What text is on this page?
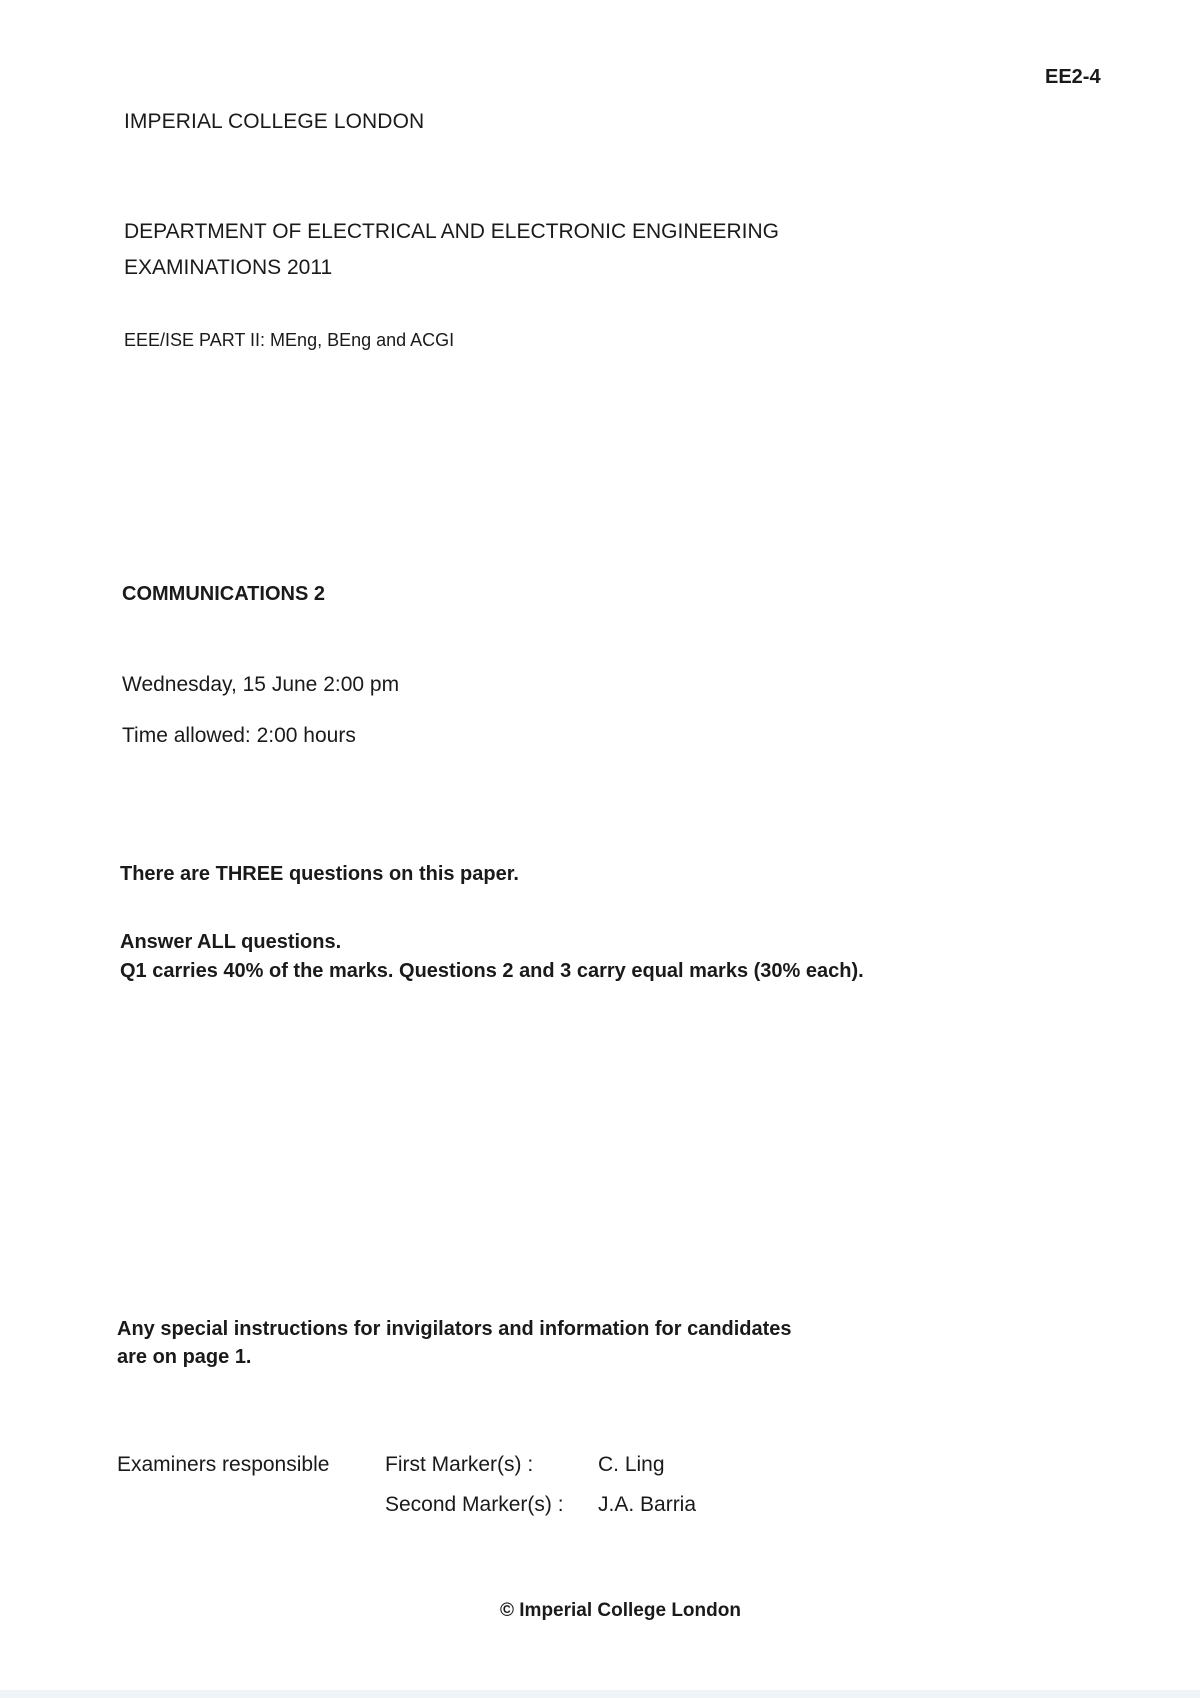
EE2-4
IMPERIAL COLLEGE LONDON
DEPARTMENT OF ELECTRICAL AND ELECTRONIC ENGINEERING
EXAMINATIONS 2011
EEE/ISE PART II: MEng, BEng and ACGI
COMMUNICATIONS 2
Wednesday, 15 June 2:00 pm
Time allowed: 2:00 hours
There are THREE questions on this paper.
Answer ALL questions.
Q1 carries 40% of the marks. Questions 2 and 3 carry equal marks (30% each).
Any special instructions for invigilators and information for candidates are on page 1.
Examiners responsible	First Marker(s) :	C. Ling
Second Marker(s) : J.A. Barria
© Imperial College London
